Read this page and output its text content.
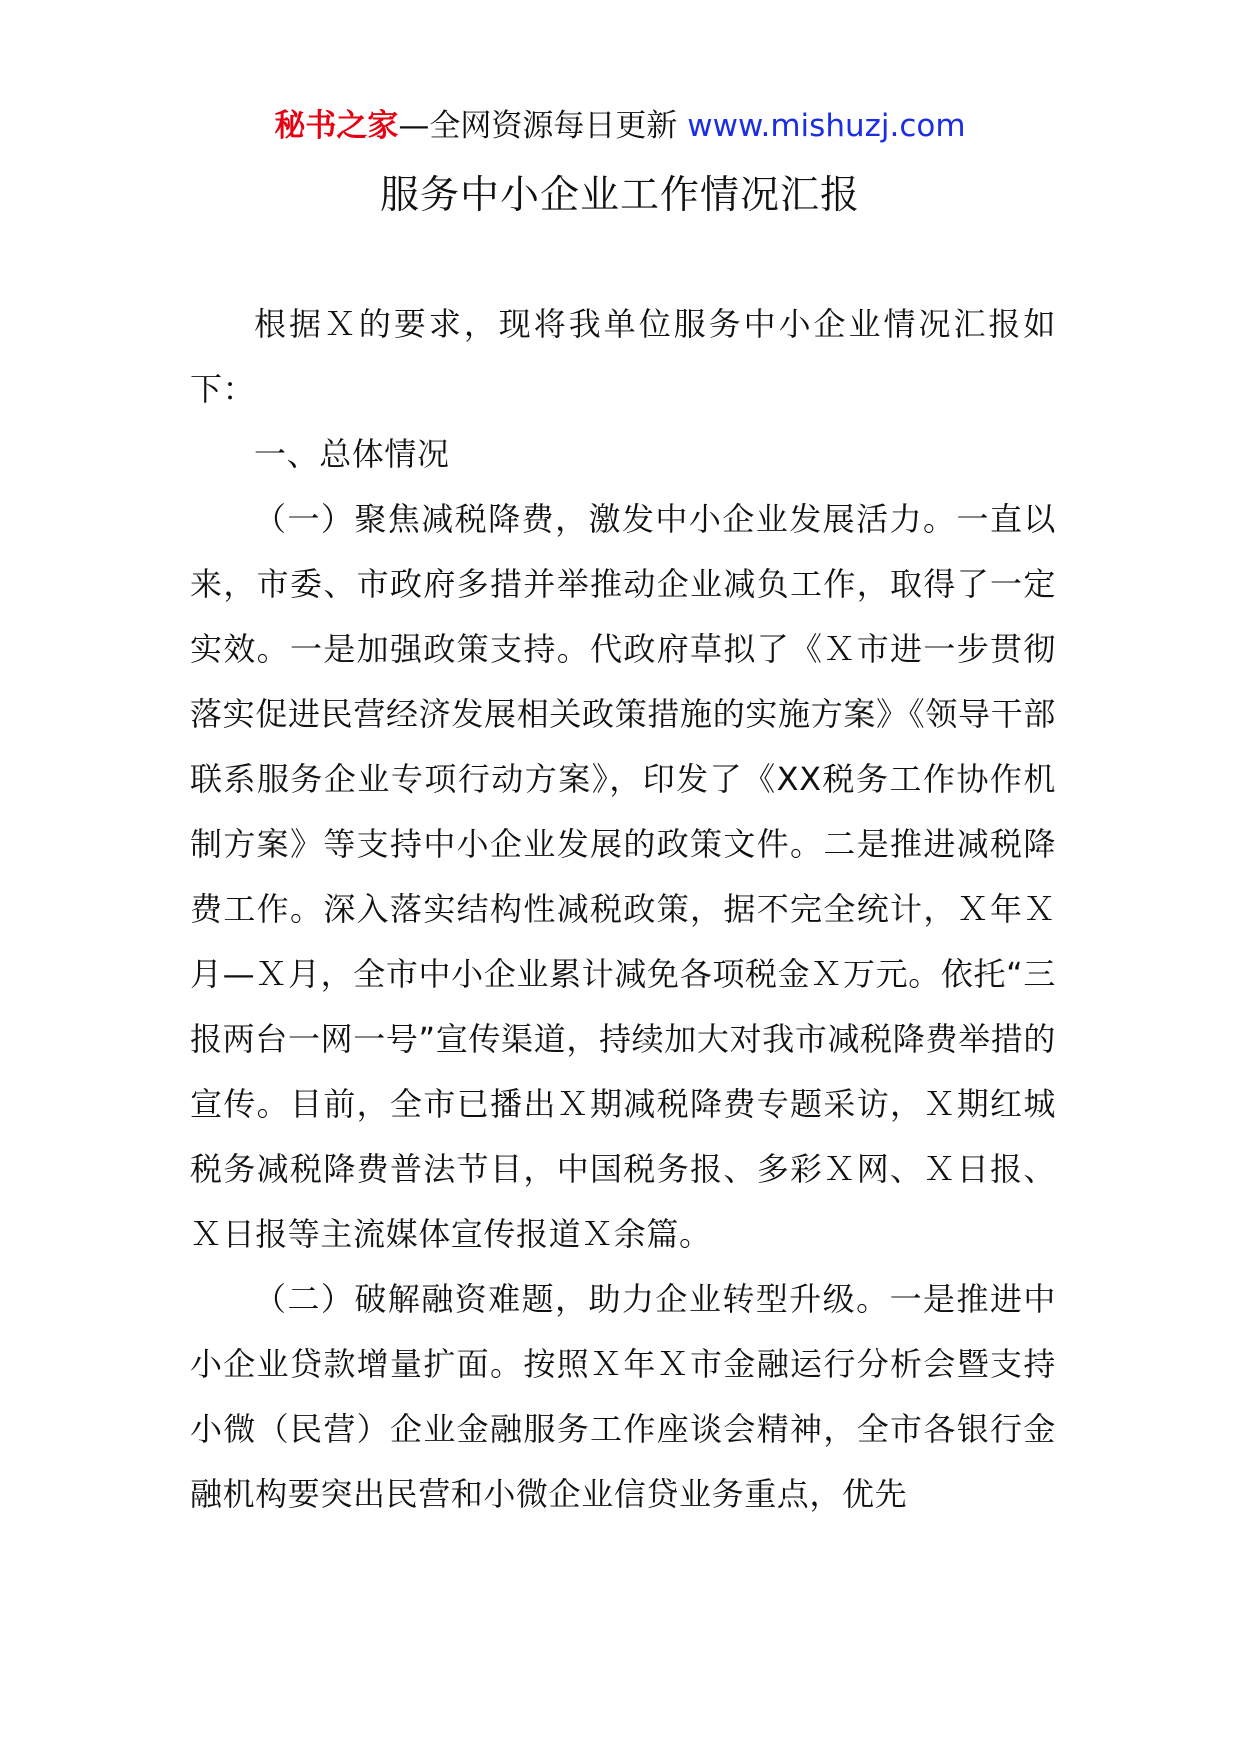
秘书之家—全网资源每日更新 www.mishuzj.com
服务中小企业工作情况汇报

根据Ｘ的要求，现将我单位服务中小企业情况汇报如下：

一、总体情况

（一）聚焦减税降费，激发中小企业发展活力。一直以来，市委、市政府多措并举推动企业减负工作，取得了一定实效。一是加强政策支持。代政府草拟了《Ｘ市进一步贯彻落实促进民营经济发展相关政策措施的实施方案》《领导干部联系服务企业专项行动方案》，印发了《XX税务工作协作机制方案》等支持中小企业发展的政策文件。二是推进减税降费工作。深入落实结构性减税政策，据不完全统计，Ｘ年Ｘ月—Ｘ月，全市中小企业累计减免各项税金Ｘ万元。依托“三报两台一网一号”宣传渠道，持续加大对我市减税降费举措的宣传。目前，全市已播出Ｘ期减税降费专题采访，Ｘ期红城税务减税降费普法节目，中国税务报、多彩Ｘ网、Ｘ日报、Ｘ日报等主流媒体宣传报道Ｘ余篇。

（二）破解融资难题，助力企业转型升级。一是推进中小企业贷款增量扩面。按照Ｘ年Ｘ市金融运行分析会暨支持小微（民营）企业金融服务工作座谈会精神，全市各银行金融机构要突出民营和小微企业信贷业务重点，优先
